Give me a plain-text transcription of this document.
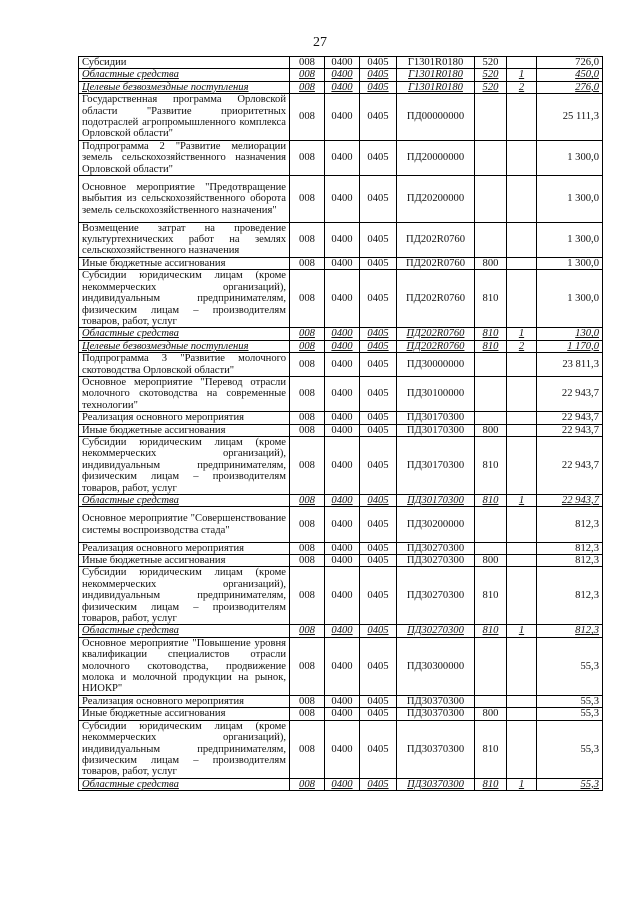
27
Субсидии	008	0400	0405	Г1301R0180	520		726,0
Областные средства	008	0400	0405	Г1301R0180	520	1	450,0
Целевые безвозмездные поступления	008	0400	0405	Г1301R0180	520	2	276,0
Государственная программа Орловской области "Развитие приоритетных подотраслей агропромышленного комплекса Орловской области"	008	0400	0405	ПД00000000			25 111,3
Подпрограмма 2 "Развитие мелиорации земель сельскохозяйственного назначения Орловской области"	008	0400	0405	ПД20000000			1 300,0
Основное мероприятие "Предотвращение выбытия из сельскохозяйственного оборота земель сельскохозяйственного назначения"	008	0400	0405	ПД20200000			1 300,0
Возмещение затрат на проведение культуртехнических работ на землях сельскохозяйственного назначения	008	0400	0405	ПД202R0760			1 300,0
Иные бюджетные ассигнования	008	0400	0405	ПД202R0760	800		1 300,0
Субсидии юридическим лицам (кроме некоммерческих организаций), индивидуальным предпринимателям, физическим лицам – производителям товаров, работ, услуг	008	0400	0405	ПД202R0760	810		1 300,0
Областные средства	008	0400	0405	ПД202R0760	810	1	130,0
Целевые безвозмездные поступления	008	0400	0405	ПД202R0760	810	2	1 170,0
Подпрограмма 3 "Развитие молочного скотоводства Орловской области"	008	0400	0405	ПД30000000			23 811,3
Основное мероприятие "Перевод отрасли молочного скотоводства на современные технологии"	008	0400	0405	ПД30100000			22 943,7
Реализация основного мероприятия	008	0400	0405	ПД30170300			22 943,7
Иные бюджетные ассигнования	008	0400	0405	ПД30170300	800		22 943,7
Субсидии юридическим лицам (кроме некоммерческих организаций), индивидуальным предпринимателям, физическим лицам – производителям товаров, работ, услуг	008	0400	0405	ПД30170300	810		22 943,7
Областные средства	008	0400	0405	ПД30170300	810	1	22 943,7
Основное мероприятие "Совершенствование системы воспроизводства стада"	008	0400	0405	ПД30200000			812,3
Реализация основного мероприятия	008	0400	0405	ПД30270300			812,3
Иные бюджетные ассигнования	008	0400	0405	ПД30270300	800		812,3
Субсидии юридическим лицам (кроме некоммерческих организаций), индивидуальным предпринимателям, физическим лицам – производителям товаров, работ, услуг	008	0400	0405	ПД30270300	810		812,3
Областные средства	008	0400	0405	ПД30270300	810	1	812,3
Основное мероприятие "Повышение уровня квалификации специалистов отрасли молочного скотоводства, продвижение молока и молочной продукции на рынок, НИОКР"	008	0400	0405	ПД30300000			55,3
Реализация основного мероприятия	008	0400	0405	ПД30370300			55,3
Иные бюджетные ассигнования	008	0400	0405	ПД30370300	800		55,3
Субсидии юридическим лицам (кроме некоммерческих организаций), индивидуальным предпринимателям, физическим лицам – производителям товаров, работ, услуг	008	0400	0405	ПД30370300	810		55,3
Областные средства	008	0400	0405	ПД30370300	810	1	55,3
